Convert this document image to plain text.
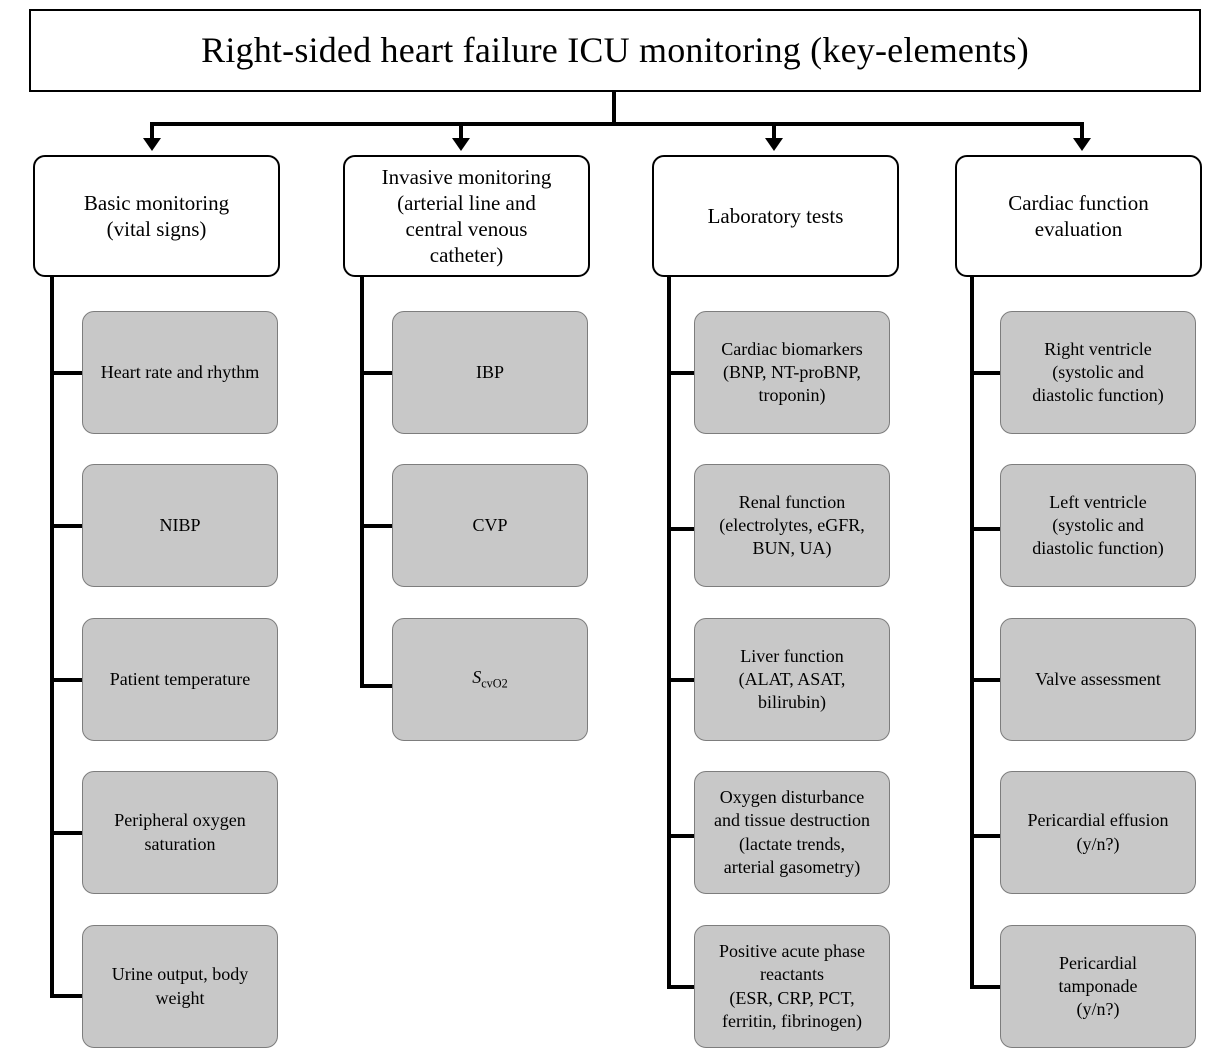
Right-sided heart failure ICU monitoring (key-elements)
Basic monitoring
(vital signs)
Heart rate and rhythm
NIBP
Patient temperature
Peripheral oxygen saturation
Urine output, body weight
Invasive monitoring
(arterial line and
central venous
catheter)
IBP
CVP
$S_{cvO2}$
Laboratory tests
Cardiac biomarkers
(BNP, NT-proBNP,
troponin)
Renal function
(electrolytes, eGFR,
BUN, UA)
Liver function
(ALAT, ASAT,
bilirubin)
Oxygen disturbance
and tissue destruction
(lactate trends,
arterial gasometry)
Positive acute phase
reactants
(ESR, CRP, PCT,
ferritin, fibrinogen)
Cardiac function
evaluation
Right ventricle
(systolic and
diastolic function)
Left ventricle
(systolic and
diastolic function)
Valve assessment
Pericardial effusion
(y/n?)
Pericardial
tamponade
(y/n?)
